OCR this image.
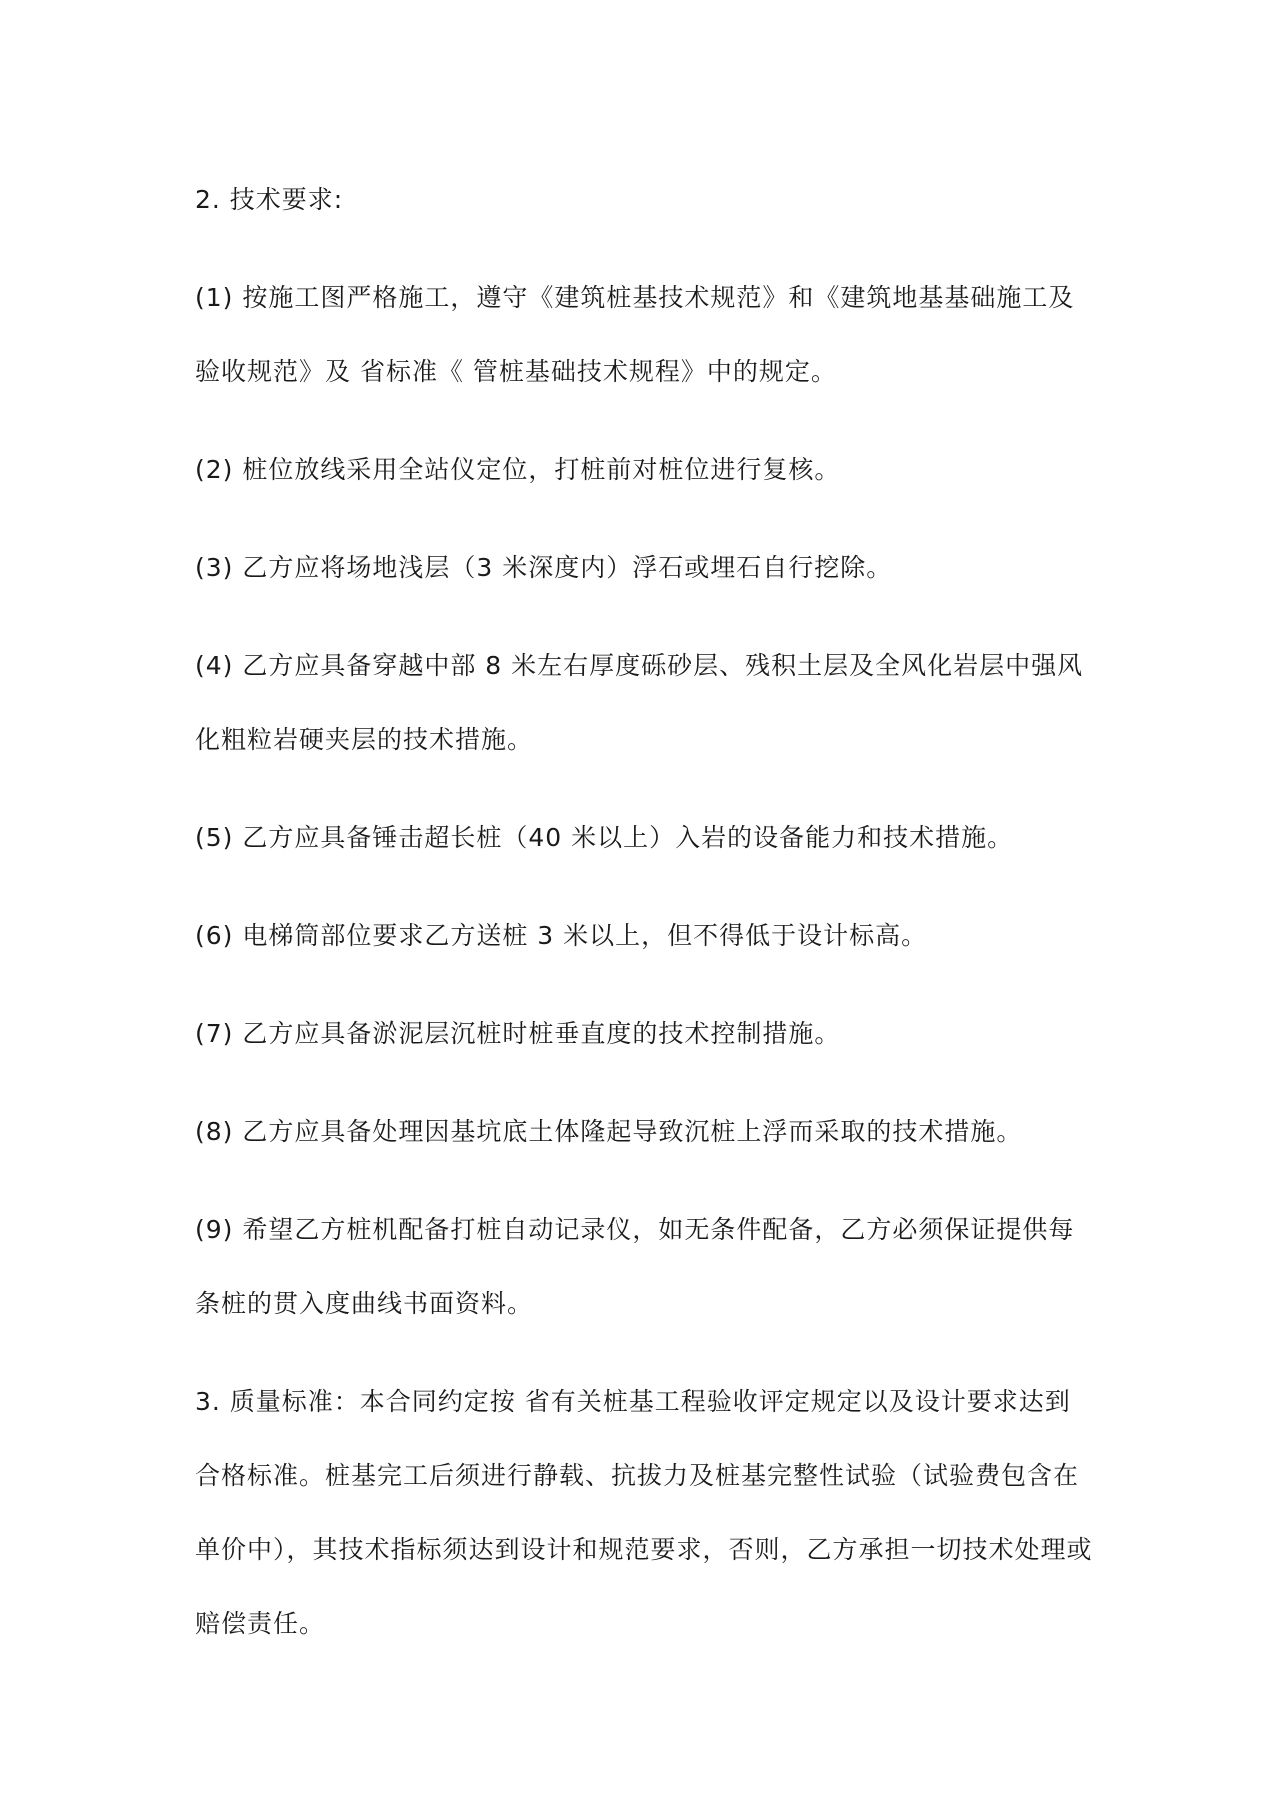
2. 技术要求:

(1) 按施工图严格施工，遵守《建筑桩基技术规范》和《建筑地基基础施工及验收规范》及 省标准《 管桩基础技术规程》中的规定。

(2) 桩位放线采用全站仪定位，打桩前对桩位进行复核。

(3) 乙方应将场地浅层（3 米深度内）浮石或埋石自行挖除。

(4) 乙方应具备穿越中部 8 米左右厚度砾砂层、残积土层及全风化岩层中强风化粗粒岩硬夹层的技术措施。

(5) 乙方应具备锤击超长桩（40 米以上）入岩的设备能力和技术措施。

(6) 电梯筒部位要求乙方送桩 3 米以上，但不得低于设计标高。

(7) 乙方应具备淤泥层沉桩时桩垂直度的技术控制措施。

(8) 乙方应具备处理因基坑底土体隆起导致沉桩上浮而采取的技术措施。

(9) 希望乙方桩机配备打桩自动记录仪，如无条件配备，乙方必须保证提供每条桩的贯入度曲线书面资料。

3. 质量标准：本合同约定按 省有关桩基工程验收评定规定以及设计要求达到合格标准。桩基完工后须进行静载、抗拔力及桩基完整性试验（试验费包含在单价中），其技术指标须达到设计和规范要求，否则，乙方承担一切技术处理或赔偿责任。
